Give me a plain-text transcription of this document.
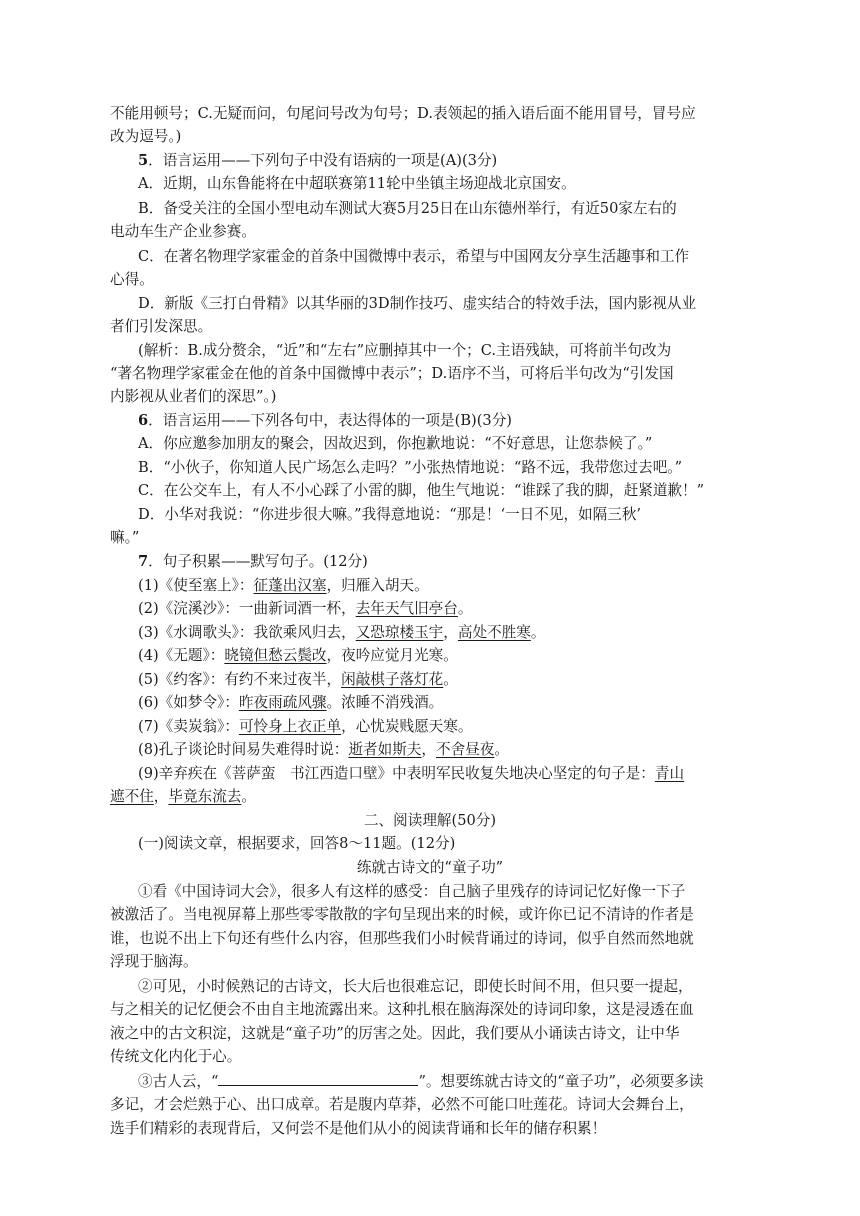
不能用顿号；C.无疑而问，句尾问号改为句号；D.表领起的插入语后面不能用冒号，冒号应
改为逗号。)
5．语言运用——下列句子中没有语病的一项是(A)(3分)
A．近期，山东鲁能将在中超联赛第11轮中坐镇主场迎战北京国安。
B．备受关注的全国小型电动车测试大赛5月25日在山东德州举行，有近50家左右的
电动车生产企业参赛。
C．在著名物理学家霍金的首条中国微博中表示，希望与中国网友分享生活趣事和工作
心得。
D．新版《三打白骨精》以其华丽的3D制作技巧、虚实结合的特效手法，国内影视从业
者们引发深思。
(解析：B.成分赘余，“近”和“左右”应删掉其中一个；C.主语残缺，可将前半句改为
“著名物理学家霍金在他的首条中国微博中表示”；D.语序不当，可将后半句改为“引发国
内影视从业者们的深思”。)
6．语言运用——下列各句中，表达得体的一项是(B)(3分)
A．你应邀参加朋友的聚会，因故迟到，你抱歉地说：“不好意思，让您恭候了。”
B．“小伙子，你知道人民广场怎么走吗？”小张热情地说：“路不远，我带您过去吧。”
C．在公交车上，有人不小心踩了小雷的脚，他生气地说：“谁踩了我的脚，赶紧道歉！”
D．小华对我说：“你进步很大嘛。”我得意地说：“那是！‘一日不见，如隔三秋’
嘛。”
7．句子积累——默写句子。(12分)
(1)《使至塞上》：征蓬出汉塞，归雁入胡天。
(2)《浣溪沙》：一曲新词酒一杯，去年天气旧亭台。
(3)《水调歌头》：我欲乘风归去，又恐琼楼玉宇，高处不胜寒。
(4)《无题》：晓镜但愁云鬓改，夜吟应觉月光寒。
(5)《约客》：有约不来过夜半，闲敲棋子落灯花。
(6)《如梦令》：昨夜雨疏风骤。浓睡不消残酒。
(7)《卖炭翁》：可怜身上衣正单，心忧炭贱愿天寒。
(8)孔子谈论时间易失难得时说：逝者如斯夫，不舍昼夜。
(9)辛弃疾在《菩萨蛮　书江西造口壁》中表明军民收复失地决心坚定的句子是：青山
遮不住，毕竟东流去。
二、阅读理解(50分)
(一)阅读文章，根据要求，回答8～11题。(12分)
练就古诗文的“童子功”
①看《中国诗词大会》，很多人有这样的感受：自己脑子里残存的诗词记忆好像一下子
被激活了。当电视屏幕上那些零零散散的字句呈现出来的时候，或许你已记不清诗的作者是
谁，也说不出上下句还有些什么内容，但那些我们小时候背诵过的诗词，似乎自然而然地就
浮现于脑海。
②可见，小时候熟记的古诗文，长大后也很难忘记，即使长时间不用，但只要一提起，
与之相关的记忆便会不由自主地流露出来。这种扎根在脑海深处的诗词印象，这是浸透在血
液之中的古文积淀，这就是“童子功”的厉害之处。因此，我们要从小诵读古诗文，让中华
传统文化内化于心。
③古人云，“	”。想要练就古诗文的“童子功”，必须要多读
多记，才会烂熟于心、出口成章。若是腹内草莽，必然不可能口吐莲花。诗词大会舞台上，
选手们精彩的表现背后，又何尝不是他们从小的阅读背诵和长年的储存积累！
